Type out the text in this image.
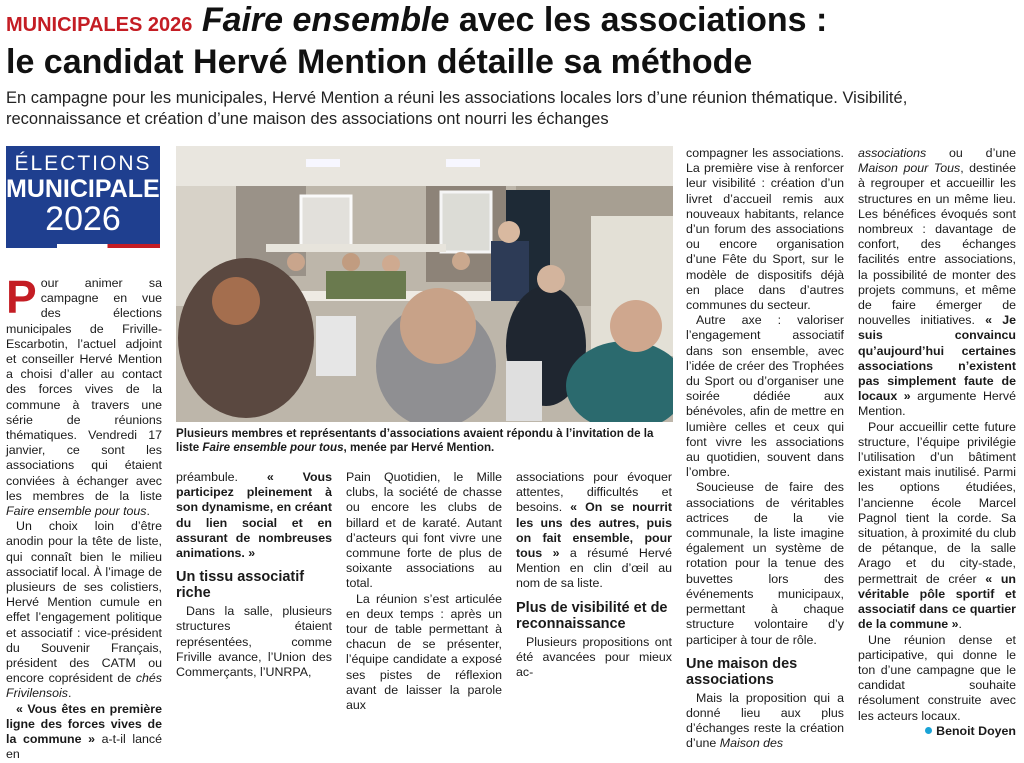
MUNICIPALES 2026 Faire ensemble avec les associations :
le candidat Hervé Mention détaille sa méthode
En campagne pour les municipales, Hervé Mention a réuni les associations locales lors d’une réunion thématique. Visibilité, reconnaissance et création d’une maison des associations ont nourri les échanges
ÉLECTIONS
MUNICIPALES
2026
Plusieurs membres et représentants d’associations avaient répondu à l’invitation de la liste Faire ensemble pour tous, menée par Hervé Mention.

Pour animer sa campagne en vue des élections municipales de Friville-Escarbotin, l’actuel adjoint et conseiller Hervé Mention a choisi d’aller au contact des forces vives de la commune à travers une série de réunions thématiques. Vendredi 17 janvier, ce sont les associations qui étaient conviées à échanger avec les membres de la liste Faire ensemble pour tous.

Un choix loin d’être anodin pour la tête de liste, qui connaît bien le milieu associatif local. À l’image de plusieurs de ses colistiers, Hervé Mention cumule en effet l’engagement politique et associatif : vice-président du Souvenir Français, président des CATM ou encore coprésident de chés Frivilensois.

« Vous êtes en première ligne des forces vives de la commune » a-t-il lancé en

préambule. « Vous participez pleinement à son dynamisme, en créant du lien social et en assurant de nombreuses animations. »

Un tissu associatif riche

Dans la salle, plusieurs structures étaient représentées, comme Friville avance, l’Union des Commerçants, l’UNRPA,

Pain Quotidien, le Mille clubs, la société de chasse ou encore les clubs de billard et de karaté. Autant d’acteurs qui font vivre une commune forte de plus de soixante associations au total.

La réunion s’est articulée en deux temps : après un tour de table permettant à chacun de se présenter, l’équipe candidate a exposé ses pistes de réflexion avant de laisser la parole aux

associations pour évoquer attentes, difficultés et besoins. « On se nourrit les uns des autres, puis on fait ensemble, pour tous » a résumé Hervé Mention en clin d’œil au nom de sa liste.

Plus de visibilité et de reconnaissance

Plusieurs propositions ont été avancées pour mieux ac-

compagner les associations. La première vise à renforcer leur visibilité : création d’un livret d’accueil remis aux nouveaux habitants, relance d’un forum des associations ou encore organisation d’une Fête du Sport, sur le modèle de dispositifs déjà en place dans d’autres communes du secteur.

Autre axe : valoriser l’engagement associatif dans son ensemble, avec l’idée de créer des Trophées du Sport ou d’organiser une soirée dédiée aux bénévoles, afin de mettre en lumière celles et ceux qui font vivre les associations au quotidien, souvent dans l’ombre.

Soucieuse de faire des associations de véritables actrices de la vie communale, la liste imagine également un système de rotation pour la tenue des buvettes lors des événements municipaux, permettant à chaque structure volontaire d’y participer à tour de rôle.

Une maison des associations

Mais la proposition qui a donné lieu aux plus d’échanges reste la création d’une Maison des

associations ou d’une Maison pour Tous, destinée à regrouper et accueillir les structures en un même lieu. Les bénéfices évoqués sont nombreux : davantage de confort, des échanges facilités entre associations, la possibilité de monter des projets communs, et même de faire émerger de nouvelles initiatives. « Je suis convaincu qu’aujourd’hui certaines associations n’existent pas simplement faute de locaux » argumente Hervé Mention.

Pour accueillir cette future structure, l’équipe privilégie l’utilisation d’un bâtiment existant mais inutilisé. Parmi les options étudiées, l’ancienne école Marcel Pagnol tient la corde. Sa situation, à proximité du club de pétanque, de la salle Arago et du city-stade, permettrait de créer « un véritable pôle sportif et associatif dans ce quartier de la commune ».

Une réunion dense et participative, qui donne le ton d’une campagne que le candidat souhaite résolument construite avec les acteurs locaux.

Benoit Doyen
